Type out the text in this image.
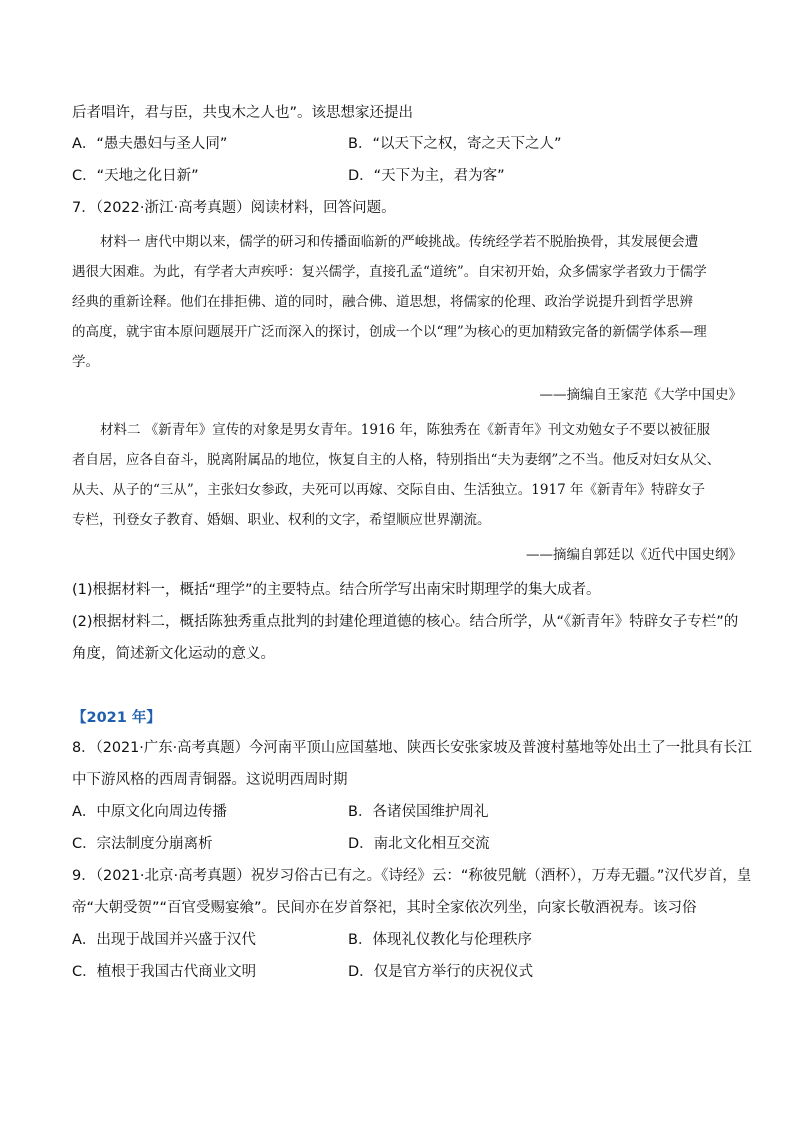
后者唱许，君与臣，共曳木之人也”。该思想家还提出
A．“愚夫愚妇与圣人同”	B．“以天下之权，寄之天下之人”
C．“天地之化日新”	D．“天下为主，君为客”
7．（2022·浙江·高考真题）阅读材料，回答问题。
材料一 唐代中期以来，儒学的研习和传播面临新的严峻挑战。传统经学若不脱胎换骨，其发展便会遭
遇很大困难。为此，有学者大声疾呼：复兴儒学，直接孔孟“道统”。自宋初开始，众多儒家学者致力于儒学
经典的重新诠释。他们在排拒佛、道的同时，融合佛、道思想，将儒家的伦理、政治学说提升到哲学思辨
的高度，就宇宙本原问题展开广泛而深入的探讨，创成一个以“理”为核心的更加精致完备的新儒学体系—理
学。
——摘编自王家范《大学中国史》
材料二 《新青年》宣传的对象是男女青年。1916 年，陈独秀在《新青年》刊文劝勉女子不要以被征服
者自居，应各自奋斗，脱离附属品的地位，恢复自主的人格，特别指出“夫为妻纲”之不当。他反对妇女从父、
从夫、从子的“三从”，主张妇女参政，夫死可以再嫁、交际自由、生活独立。1917 年《新青年》特辟女子
专栏，刊登女子教育、婚姻、职业、权利的文字，希望顺应世界潮流。
——摘编自郭廷以《近代中国史纲》
(1)根据材料一，概括“理学”的主要特点。结合所学写出南宋时期理学的集大成者。
(2)根据材料二，概括陈独秀重点批判的封建伦理道德的核心。结合所学，从“《新青年》特辟女子专栏”的
角度，简述新文化运动的意义。
【2021 年】
8．（2021·广东·高考真题）今河南平顶山应国墓地、陕西长安张家坡及普渡村墓地等处出土了一批具有长江
中下游风格的西周青铜器。这说明西周时期
A．中原文化向周边传播	B．各诸侯国维护周礼
C．宗法制度分崩离析	D．南北文化相互交流
9．（2021·北京·高考真题）祝岁习俗古已有之。《诗经》云：“称彼兕觥（酒杯），万寿无疆。”汉代岁首，皇
帝“大朝受贺”“百官受赐宴飨”。民间亦在岁首祭祀，其时全家依次列坐，向家长敬酒祝寿。该习俗
A．出现于战国并兴盛于汉代	B．体现礼仪教化与伦理秩序
C．植根于我国古代商业文明	D．仅是官方举行的庆祝仪式
